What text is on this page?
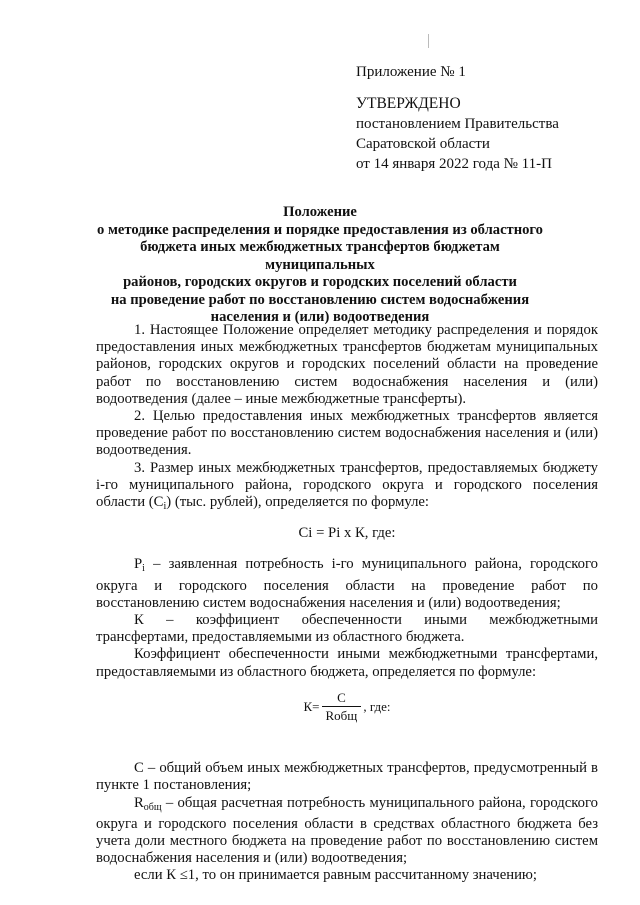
Приложение № 1
УТВЕРЖДЕНО
постановлением Правительства
Саратовской области
от 14 января 2022 года № 11-П
Положение
о методике распределения и порядке предоставления из областного
бюджета иных межбюджетных трансфертов бюджетам муниципальных
районов, городских округов и городских поселений области
на проведение работ по восстановлению систем водоснабжения
населения и (или) водоотведения

1. Настоящее Положение определяет методику распределения и порядок предоставления иных межбюджетных трансфертов бюджетам муниципальных районов, городских округов и городских поселений области на проведение работ по восстановлению систем водоснабжения населения и (или) водоотведения (далее – иные межбюджетные трансферты).

2. Целью предоставления иных межбюджетных трансфертов является проведение работ по восстановлению систем водоснабжения населения и (или) водоотведения.

3. Размер иных межбюджетных трансфертов, предоставляемых бюджету i-го муниципального района, городского округа и городского поселения области $(С_i)$ (тыс. рублей), определяется по формуле:

Ci = Pi х К, где:

$Р_i$ – заявленная потребность i-го муниципального района, городского округа и городского поселения области на проведение работ по восстановлению систем водоснабжения населения и (или) водоотведения;

К – коэффициент обеспеченности иными межбюджетными трансфертами, предоставляемыми из областного бюджета.

Коэффициент обеспеченности иными межбюджетными трансфертами, предоставляемыми из областного бюджета, определяется по формуле:

$К= \frac{С}{\text{Rобщ}}$ , где:

С – общий объем иных межбюджетных трансфертов, предусмотренный в пункте 1 постановления;

$R_{общ}$ – общая расчетная потребность муниципального района, городского округа и городского поселения области в средствах областного бюджета без учета доли местного бюджета на проведение работ по восстановлению систем водоснабжения населения и (или) водоотведения;

если К ≤1, то он принимается равным рассчитанному значению;
